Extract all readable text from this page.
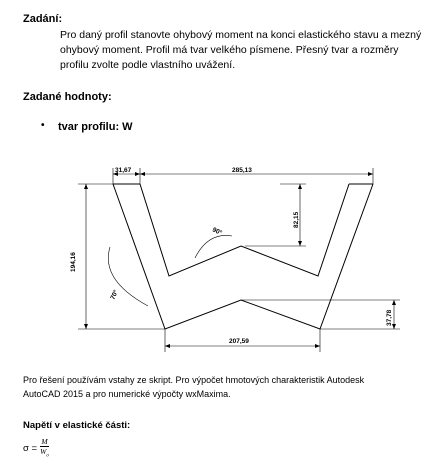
Zadání:
Pro daný profil stanovte ohybový moment na konci elastického stavu a mezný
ohybový moment. Profil má tvar velkého písmene. Přesný tvar a rozměry
profilu zvolte podle vlastního uvážení.
Zadané hodnoty:
• tvar profilu: W
31,67	285,13
194,16
82,15
207,59
37,78
90°
70°
Pro řešení používám vstahy ze skript. Pro výpočet hmotových charakteristik Autodesk
AutoCAD 2015 a pro numerické výpočty wxMaxima.
Napětí v elastické části:
$\sigma = \frac{M}{W_o}$
